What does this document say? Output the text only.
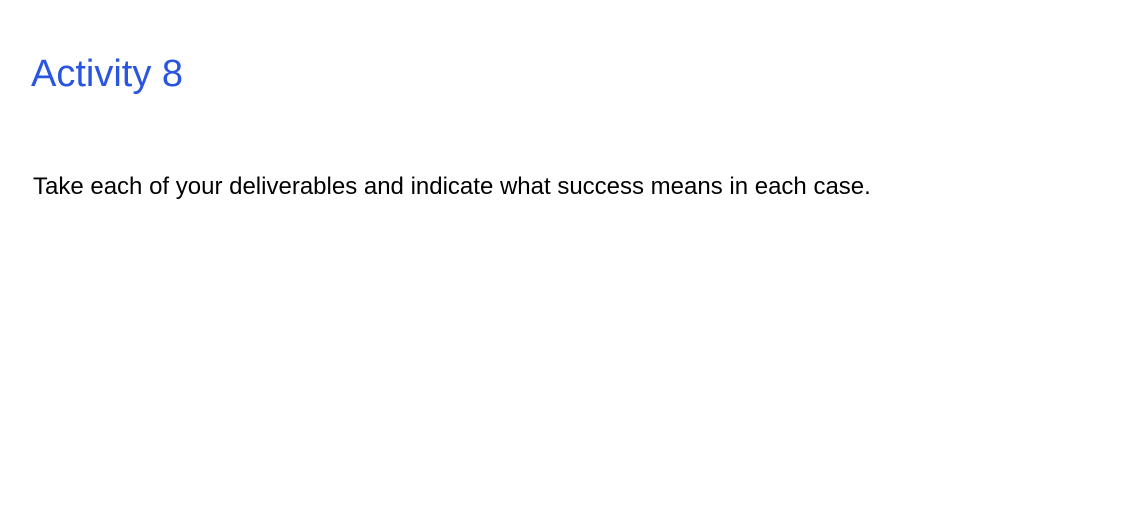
Activity 8

Take each of your deliverables and indicate what success means in each case.
